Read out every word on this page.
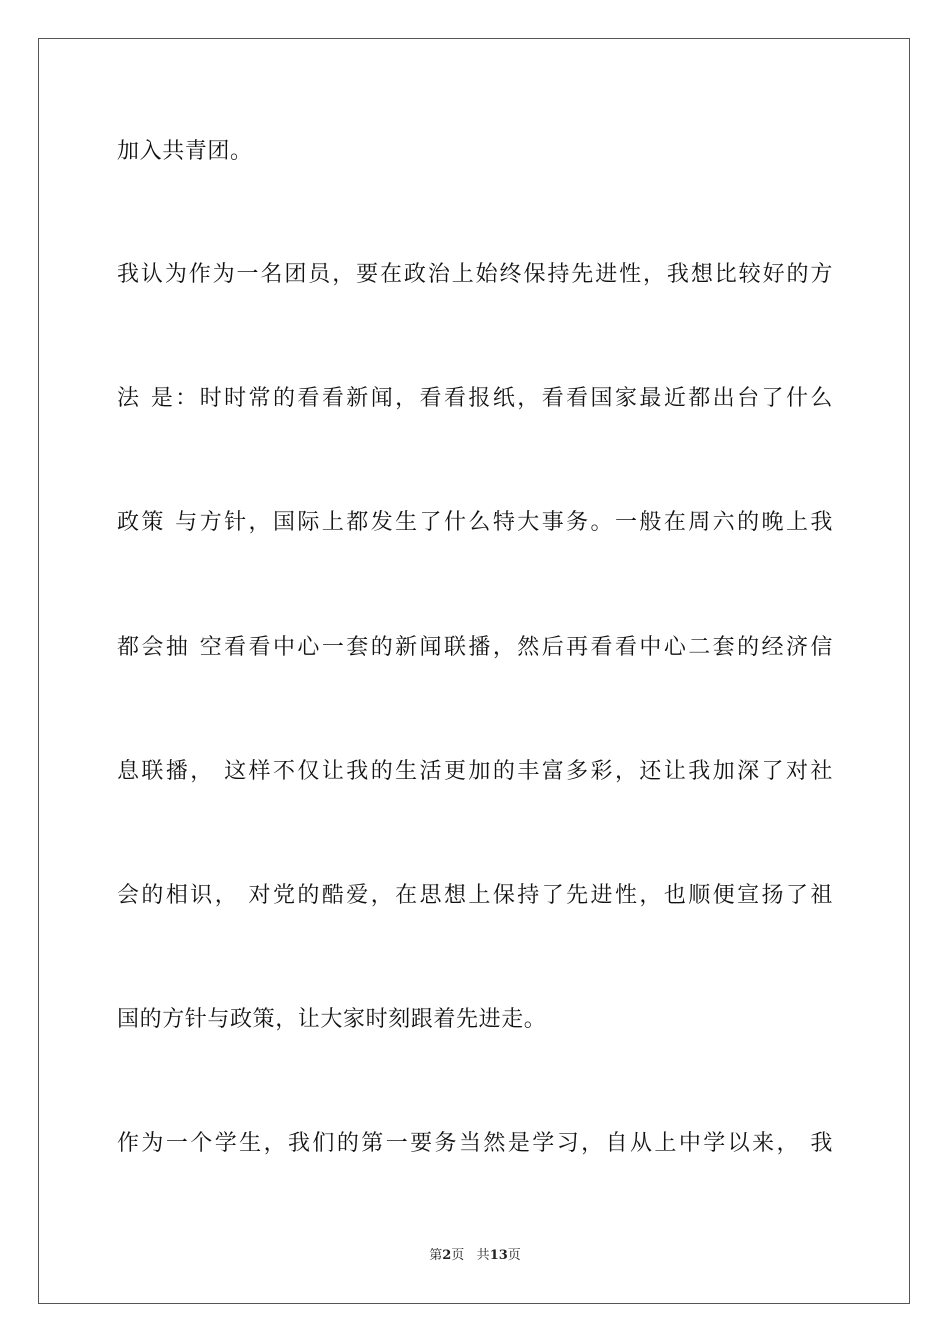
加入共青团。
我认为作为一名团员，要在政治上始终保持先进性，我想比较好的方
法 是：时时常的看看新闻，看看报纸，看看国家最近都出台了什么
政策 与方针，国际上都发生了什么特大事务。一般在周六的晚上我
都会抽 空看看中心一套的新闻联播，然后再看看中心二套的经济信
息联播， 这样不仅让我的生活更加的丰富多彩，还让我加深了对社
会的相识， 对党的酷爱，在思想上保持了先进性，也顺便宣扬了祖
国的方针与政策，让大家时刻跟着先进走。
作为一个学生，我们的第一要务当然是学习，自从上中学以来， 我
第2页 共13页
